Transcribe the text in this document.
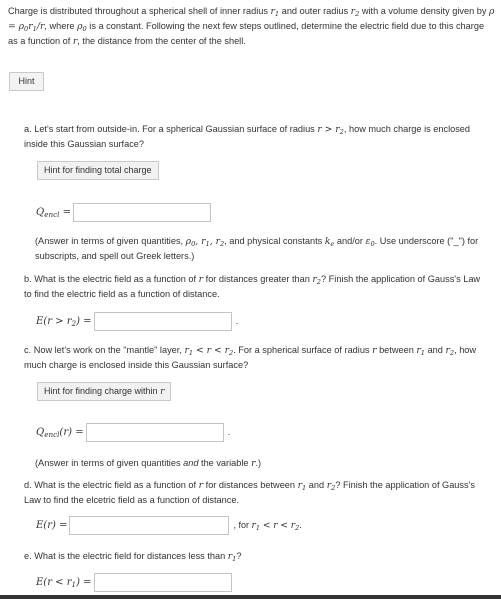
Charge is distributed throughout a spherical shell of inner radius $r_1$ and outer radius $r_2$ with a volume density given by $\rho = \rho_0r_1/r$, where $\rho_0$ is a constant. Following the next few steps outlined, determine the electric field due to this charge as a function of r, the distance from the center of the shell.
Hint
a. Let's start from outside-in. For a spherical Gaussian surface of radius $r > r_2$, how much charge is enclosed inside this Gaussian surface?
Hint for finding total charge
$Q_{encl}$ =
(Answer in terms of given quantities, $\rho_0$, $r_1$, $r_2$, and physical constants $k_e$ and/or $\varepsilon_0$. Use underscore ("_") for subscripts, and spell out Greek letters.)
b. What is the electric field as a function of r for distances greater than $r_2$? Finish the application of Gauss's Law to find the electric field as a function of distance.
$E(r > r_2)$ =	.
c. Now let's work on the "mantle" layer, $r_1 < r < r_2$. For a spherical surface of radius r between $r_1$ and $r_2$, how much charge is enclosed inside this Gaussian surface?
Hint for finding charge within r
$Q_{encl}(r)$ =	.
(Answer in terms of given quantities and the variable r.)
d. What is the electric field as a function of r for distances between $r_1$ and $r_2$? Finish the application of Gauss's Law to find the elcetric field as a function of distance.
E(r) =	, for $r_1 < r < r_2$.
e. What is the electric field for distances less than $r_1$?
$E(r < r_1)$ =
